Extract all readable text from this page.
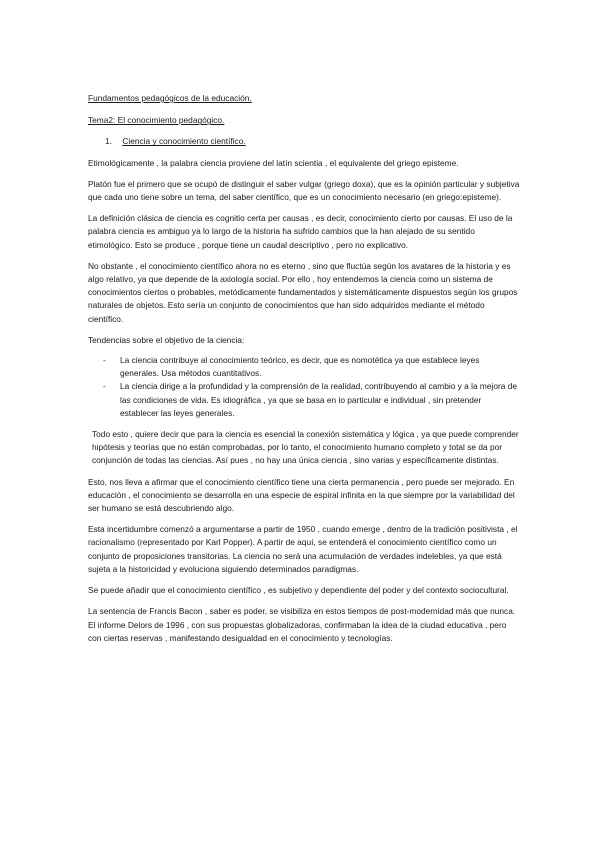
Fundamentos pedagógicos de la educación.
Tema2: El conocimiento pedagógico.
1. Ciencia y conocimiento científico.

Etimológicamente , la palabra ciencia proviene del latín scientia , el equivalente del griego episteme.

Platón fue el primero que se ocupó de distinguir el saber vulgar (griego doxa), que es la opinión particular y subjetiva que cada uno tiene sobre un tema, del saber científico, que es un conocimiento necesario (en griego:episteme).

La definición clásica de ciencia es cognitio certa per causas , es decir, conocimiento cierto por causas. El uso de la palabra ciencia es ambiguo ya lo largo de la historia ha sufrido cambios que la han alejado de su sentido etimológico. Esto se produce , porque tiene un caudal descriptivo , pero no explicativo.

No obstante , el conocimiento científico ahora no es eterno , sino que fluctúa según los avatares de la historia y es algo relativo, ya que depende de la axiología social. Por ello , hoy entendemos la ciencia como un sistema de conocimientos ciertos o probables, metódicamente fundamentados y sistemáticamente dispuestos según los grupos naturales de objetos. Esto sería un conjunto de conocimientos que han sido adquiridos mediante el método científico.

Tendencias sobre el objetivo de la ciencia:
- La ciencia contribuye al conocimiento teórico, es decir, que es nomotética ya que establece leyes generales. Usa métodos cuantitativos.
- La ciencia dirige a la profundidad y la comprensión de la realidad, contribuyendo al cambio y a la mejora de las condiciones de vida. Es idiográfica , ya que se basa en lo particular e individual , sin pretender establecer las leyes generales.

Todo esto , quiere decir que para la ciencia es esencial la conexión sistemática y lógica , ya que puede comprender hipótesis y teorías que no están comprobadas, por lo tanto, el conocimiento humano completo y total se da por conjunción de todas las ciencias. Así pues , no hay una única ciencia , sino varias y específicamente distintas.

Esto, nos lleva a afirmar que el conocimiento científico tiene una cierta permanencia , pero puede ser mejorado. En educación , el conocimiento se desarrolla en una especie de espiral infinita en la que siempre por la variabilidad del ser humano se está descubriendo algo.

Esta incertidumbre comenzó a argumentarse a partir de 1950 , cuando emerge , dentro de la tradición positivista , el racionalismo (representado por Karl Popper). A partir de aquí, se entenderá el conocimiento científico como un conjunto de proposiciones transitorias. La ciencia no será una acumulación de verdades indelebles, ya que está sujeta a la historicidad y evoluciona siguiendo determinados paradigmas.

Se puede añadir que el conocimiento científico , es subjetivo y dependiente del poder y del contexto sociocultural.

La sentencia de Francis Bacon , saber es poder, se visibiliza en estos tiempos de post-modernidad más que nunca. El informe Delors de 1996 , con sus propuestas globalizadoras, confirmaban la idea de la ciudad educativa , pero con ciertas reservas , manifestando desigualdad en el conocimiento y tecnologías.
